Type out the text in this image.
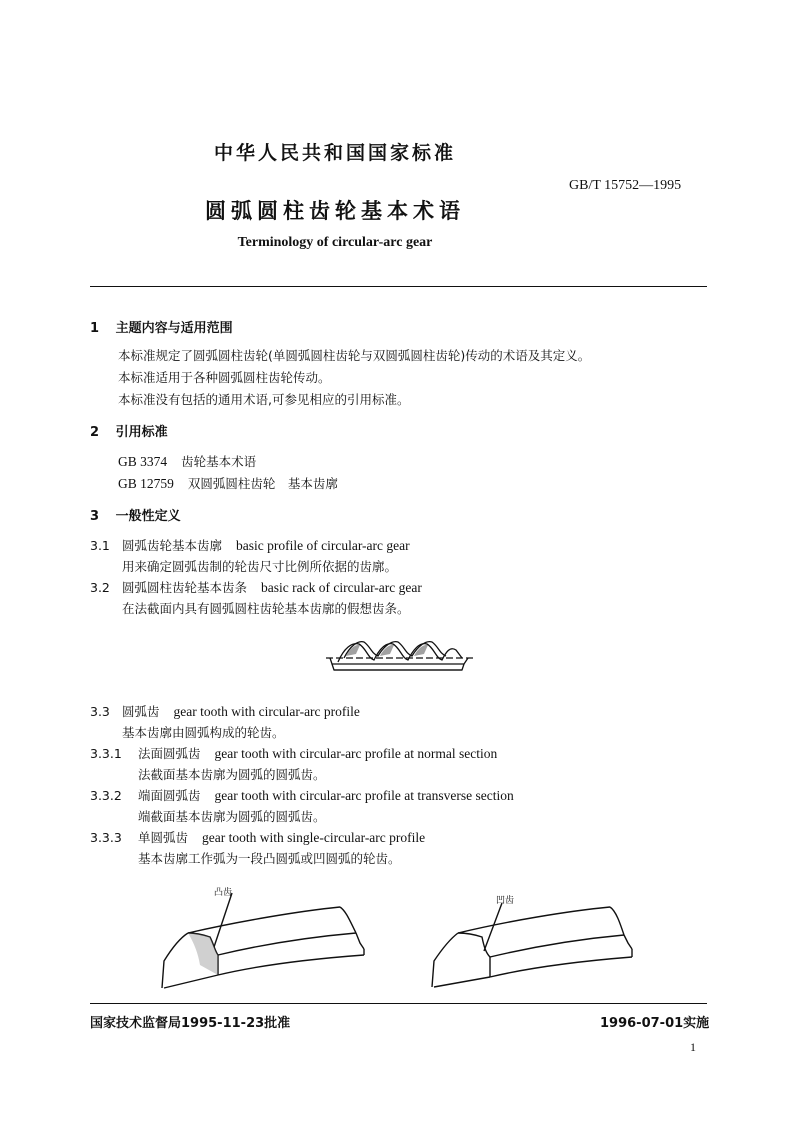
中华人民共和国国家标准
GB/T 15752—1995
圆弧圆柱齿轮基本术语
Terminology of circular-arc gear
1 主题内容与适用范围
本标准规定了圆弧圆柱齿轮(单圆弧圆柱齿轮与双圆弧圆柱齿轮)传动的术语及其定义。
本标准适用于各种圆弧圆柱齿轮传动。
本标准没有包括的通用术语,可参见相应的引用标准。
2 引用标准
GB 3374 齿轮基本术语
GB 12759 双圆弧圆柱齿轮　基本齿廓
3 一般性定义
3.1 圆弧齿轮基本齿廓 basic profile of circular-arc gear
用来确定圆弧齿制的轮齿尺寸比例所依据的齿廓。
3.2 圆弧圆柱齿轮基本齿条 basic rack of circular-arc gear
在法截面内具有圆弧圆柱齿轮基本齿廓的假想齿条。
3.3 圆弧齿 gear tooth with circular-arc profile
基本齿廓由圆弧构成的轮齿。
3.3.1 法面圆弧齿 gear tooth with circular-arc profile at normal section
法截面基本齿廓为圆弧的圆弧齿。
3.3.2 端面圆弧齿 gear tooth with circular-arc profile at transverse section
端截面基本齿廓为圆弧的圆弧齿。
3.3.3 单圆弧齿 gear tooth with single-circular-arc profile
基本齿廓工作弧为一段凸圆弧或凹圆弧的轮齿。
凸齿
凹齿
国家技术监督局1995-11-23批准	1996-07-01实施
1
